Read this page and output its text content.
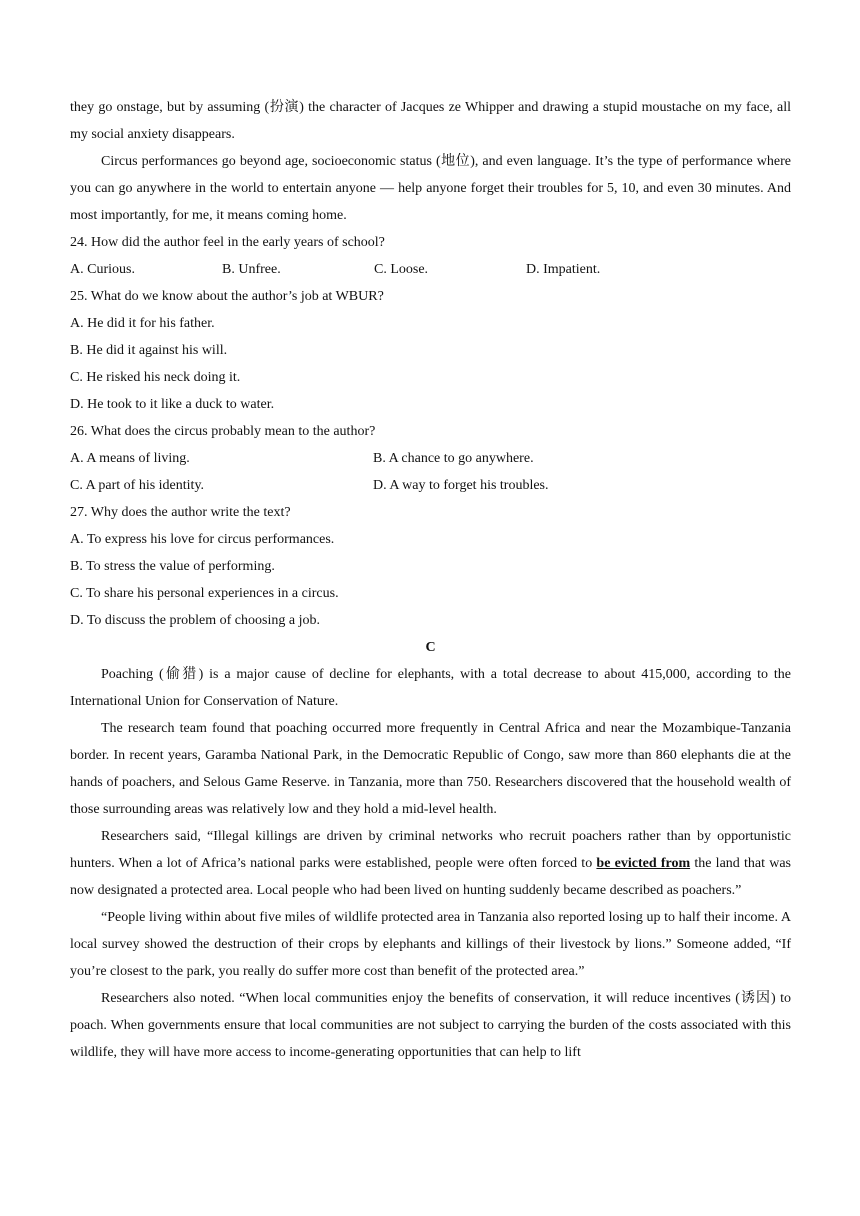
they go onstage, but by assuming (扮演) the character of Jacques ze Whipper and drawing a stupid moustache on my face, all my social anxiety disappears.

Circus performances go beyond age, socioeconomic status (地位), and even language. It’s the type of performance where you can go anywhere in the world to entertain anyone — help anyone forget their troubles for 5, 10, and even 30 minutes. And most importantly, for me, it means coming home.

24. How did the author feel in the early years of school?

A. Curious.	B. Unfree.	C. Loose.	D. Impatient.

25. What do we know about the author’s job at WBUR?

A. He did it for his father.

B. He did it against his will.

C. He risked his neck doing it.

D. He took to it like a duck to water.

26. What does the circus probably mean to the author?

A. A means of living.	B. A chance to go anywhere.
C. A part of his identity.	D. A way to forget his troubles.

27. Why does the author write the text?

A. To express his love for circus performances.

B. To stress the value of performing.

C. To share his personal experiences in a circus.

D. To discuss the problem of choosing a job.

C

Poaching (偷猎) is a major cause of decline for elephants, with a total decrease to about 415,000, according to the International Union for Conservation of Nature.

The research team found that poaching occurred more frequently in Central Africa and near the Mozambique-Tanzania border. In recent years, Garamba National Park, in the Democratic Republic of Congo, saw more than 860 elephants die at the hands of poachers, and Selous Game Reserve. in Tanzania, more than 750. Researchers discovered that the household wealth of those surrounding areas was relatively low and they hold a mid-level health.

Researchers said, “Illegal killings are driven by criminal networks who recruit poachers rather than by opportunistic hunters. When a lot of Africa’s national parks were established, people were often forced to be evicted from the land that was now designated a protected area. Local people who had been lived on hunting suddenly became described as poachers.”

“People living within about five miles of wildlife protected area in Tanzania also reported losing up to half their income. A local survey showed the destruction of their crops by elephants and killings of their livestock by lions.” Someone added, “If you’re closest to the park, you really do suffer more cost than benefit of the protected area.”

Researchers also noted. “When local communities enjoy the benefits of conservation, it will reduce incentives (诱因) to poach. When governments ensure that local communities are not subject to carrying the burden of the costs associated with this wildlife, they will have more access to income-generating opportunities that can help to lift
